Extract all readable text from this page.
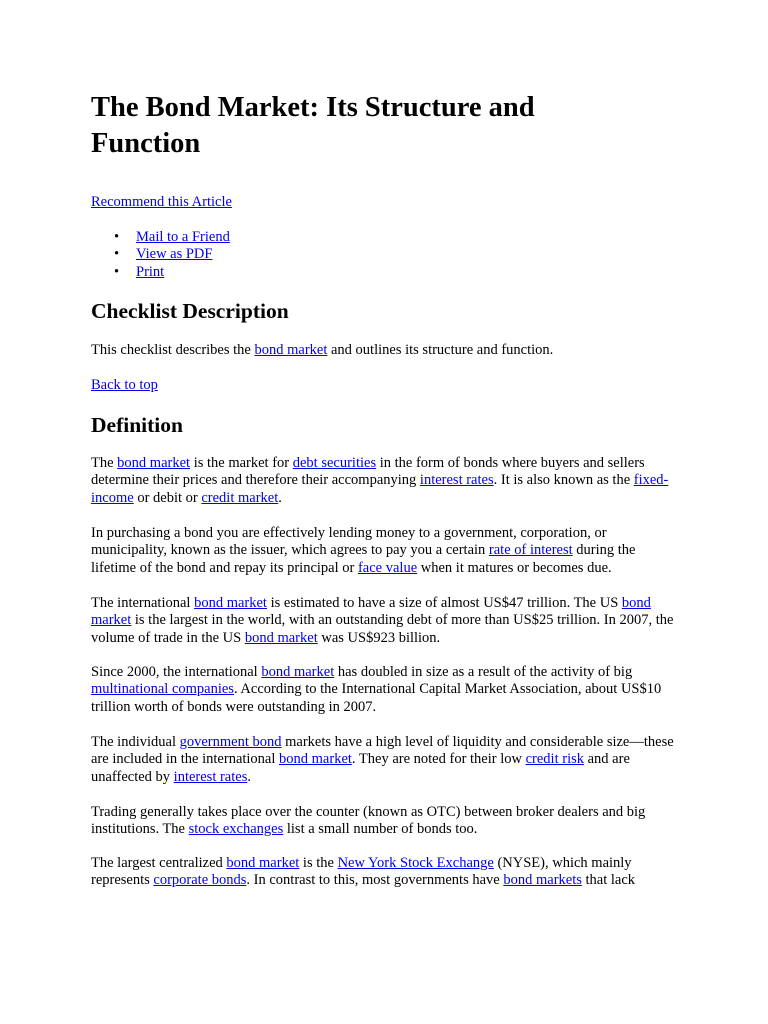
The Bond Market: Its Structure and Function

Recommend this Article

• Mail to a Friend
• View as PDF
• Print
Checklist Description

This checklist describes the bond market and outlines its structure and function.

Back to top

Definition

The bond market is the market for debt securities in the form of bonds where buyers and sellers determine their prices and therefore their accompanying interest rates. It is also known as the fixed-income or debit or credit market.

In purchasing a bond you are effectively lending money to a government, corporation, or municipality, known as the issuer, which agrees to pay you a certain rate of interest during the lifetime of the bond and repay its principal or face value when it matures or becomes due.

The international bond market is estimated to have a size of almost US$47 trillion. The US bond market is the largest in the world, with an outstanding debt of more than US$25 trillion. In 2007, the volume of trade in the US bond market was US$923 billion.

Since 2000, the international bond market has doubled in size as a result of the activity of big multinational companies. According to the International Capital Market Association, about US$10 trillion worth of bonds were outstanding in 2007.

The individual government bond markets have a high level of liquidity and considerable size—these are included in the international bond market. They are noted for their low credit risk and are unaffected by interest rates.

Trading generally takes place over the counter (known as OTC) between broker dealers and big institutions. The stock exchanges list a small number of bonds too.

The largest centralized bond market is the New York Stock Exchange (NYSE), which mainly represents corporate bonds. In contrast to this, most governments have bond markets that lack
